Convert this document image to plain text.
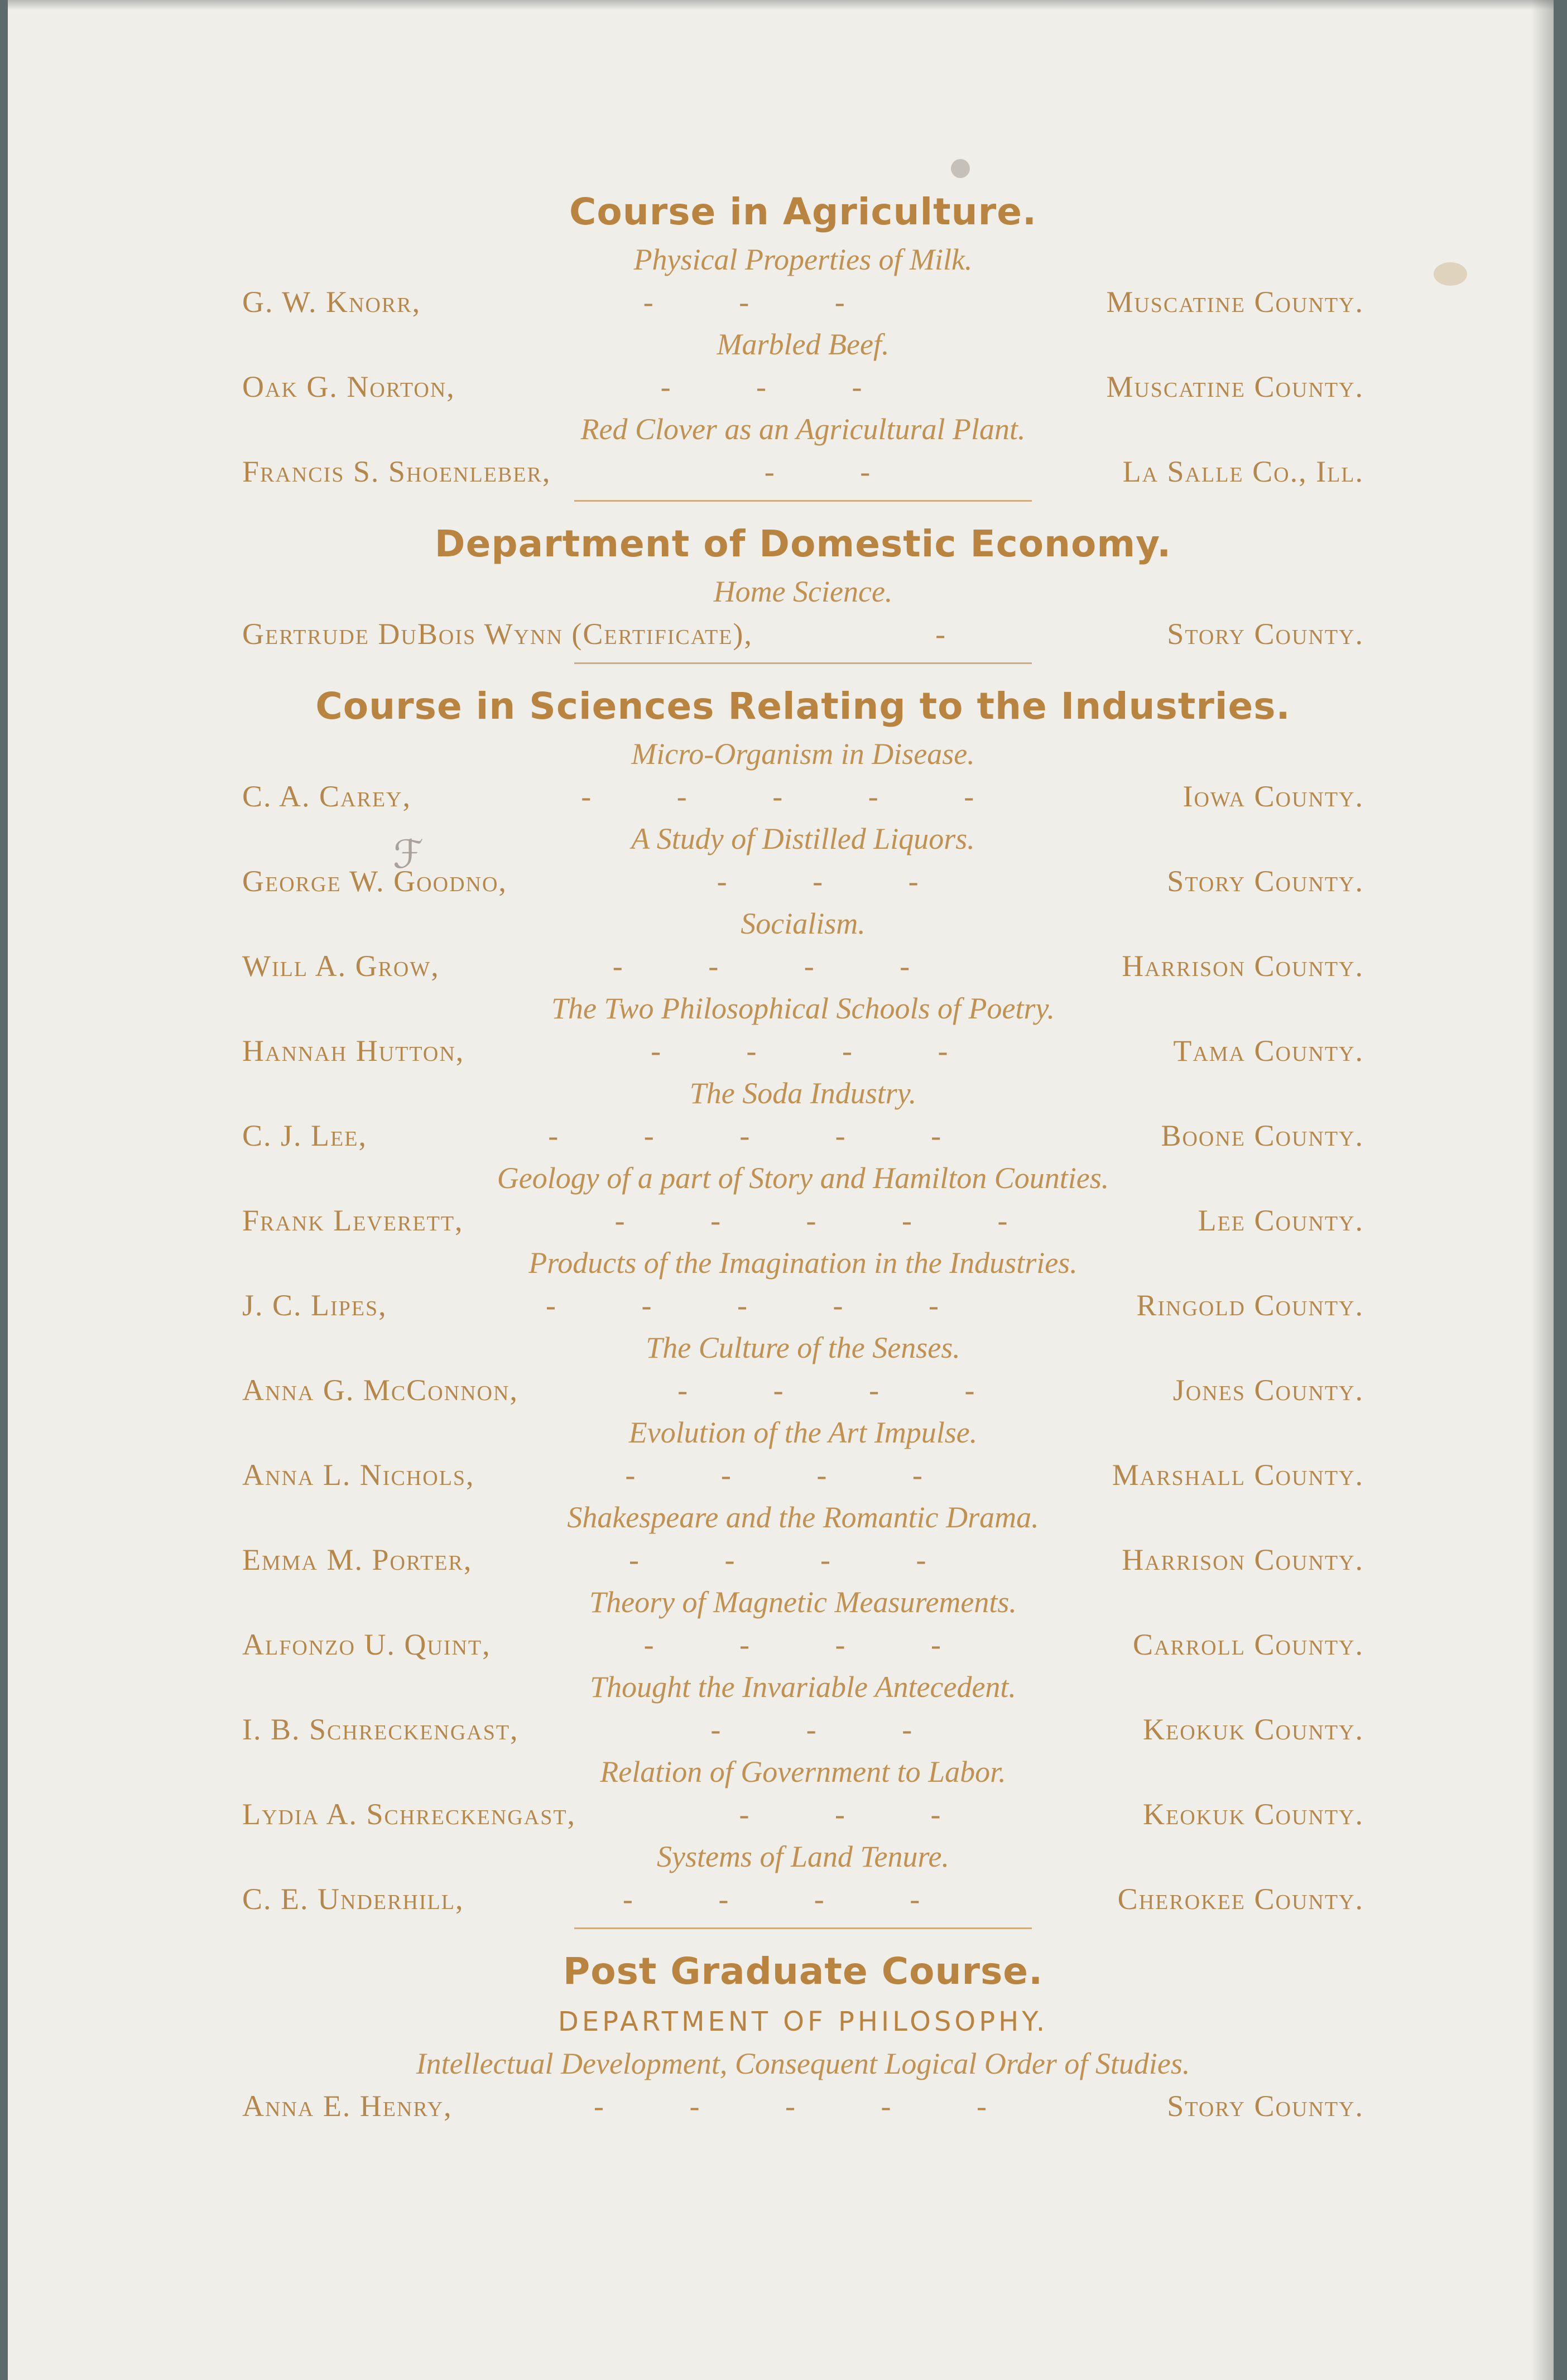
ℱ
Course in Agriculture.
Physical Properties of Milk.
G. W. Knorr,	- - -	Muscatine County.
Marbled Beef.
Oak G. Norton,	- - -	Muscatine County.
Red Clover as an Agricultural Plant.
Francis S. Shoenleber,	- -	La Salle Co., Ill.
Department of Domestic Economy.
Home Science.
Gertrude DuBois Wynn (Certificate),	-	Story County.
Course in Sciences Relating to the Industries.
Micro-Organism in Disease.
C. A. Carey,	- - - - -	Iowa County.
A Study of Distilled Liquors.
George W. Goodno,	- - -	Story County.
Socialism.
Will A. Grow,	- - - -	Harrison County.
The Two Philosophical Schools of Poetry.
Hannah Hutton,	- - - -	Tama County.
The Soda Industry.
C. J. Lee,	- - - - -	Boone County.
Geology of a part of Story and Hamilton Counties.
Frank Leverett,	- - - - -	Lee County.
Products of the Imagination in the Industries.
J. C. Lipes,	- - - - -	Ringold County.
The Culture of the Senses.
Anna G. McConnon,	- - - -	Jones County.
Evolution of the Art Impulse.
Anna L. Nichols,	- - - -	Marshall County.
Shakespeare and the Romantic Drama.
Emma M. Porter,	- - - -	Harrison County.
Theory of Magnetic Measurements.
Alfonzo U. Quint,	- - - -	Carroll County.
Thought the Invariable Antecedent.
I. B. Schreckengast,	- - -	Keokuk County.
Relation of Government to Labor.
Lydia A. Schreckengast,	- - -	Keokuk County.
Systems of Land Tenure.
C. E. Underhill,	- - - -	Cherokee County.
Post Graduate Course.
DEPARTMENT OF PHILOSOPHY.
Intellectual Development, Consequent Logical Order of Studies.
Anna E. Henry,	- - - - -	Story County.
